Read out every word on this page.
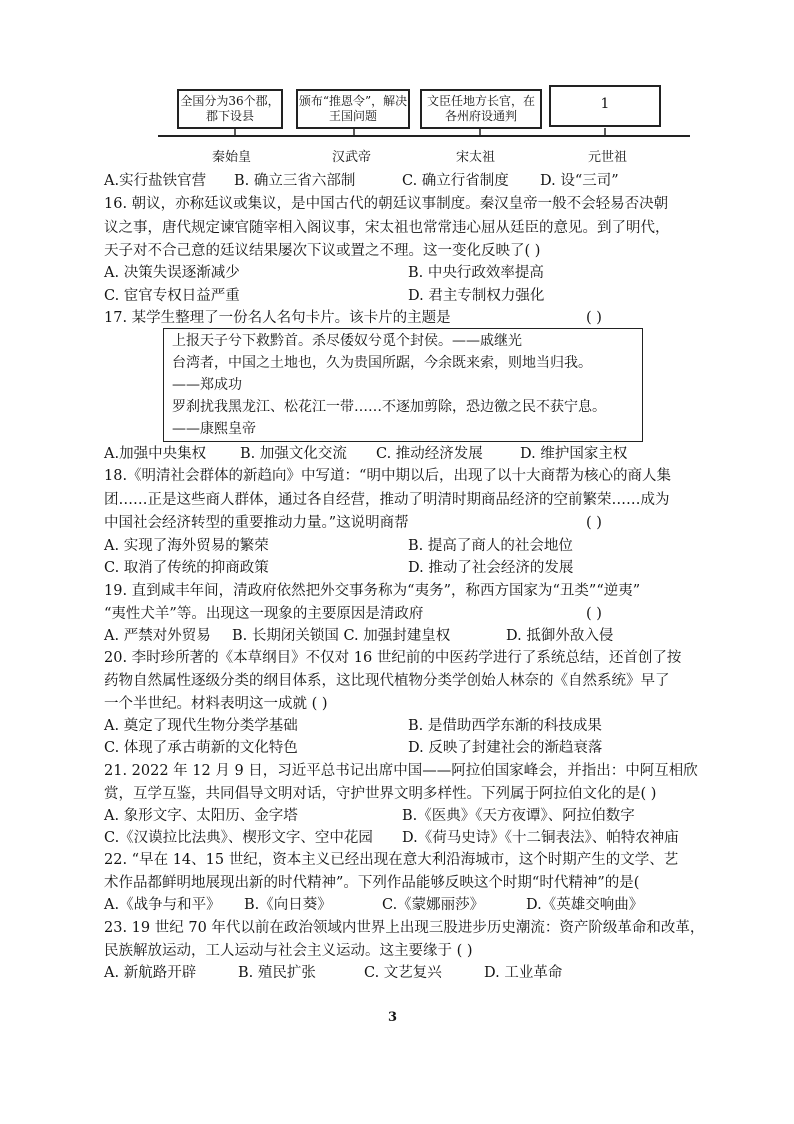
全国分为36个郡，郡下设县
颁布“推恩令”，解决王国问题
文臣任地方长官，在各州府设通判
1
秦始皇	汉武帝	宋太祖	元世祖
A.实行盐铁官营 B. 确立三省六部制	C. 确立行省制度 D. 设“三司”
16. 朝议，亦称廷议或集议，是中国古代的朝廷议事制度。秦汉皇帝一般不会轻易否决朝
议之事，唐代规定谏官随宰相入阁议事，宋太祖也常常违心屈从廷臣的意见。到了明代，
天子对不合己意的廷议结果屡次下议或置之不理。这一变化反映了( )
A. 决策失误逐渐减少	B. 中央行政效率提高
C. 宦官专权日益严重	D. 君主专制权力强化
17. 某学生整理了一份名人名句卡片。该卡片的主题是	( )
上报天子兮下救黔首。杀尽倭奴兮觅个封侯。——戚继光
台湾者，中国之土地也，久为贵国所踞，今余既来索，则地当归我。
——郑成功
罗刹扰我黑龙江、松花江一带……不逐加剪除，恐边徼之民不获宁息。
——康熙皇帝
A.加强中央集权 B. 加强文化交流 C. 推动经济发展	D. 维护国家主权
18.《明清社会群体的新趋向》中写道：“明中期以后，出现了以十大商帮为核心的商人集
团……正是这些商人群体，通过各自经营，推动了明清时期商品经济的空前繁荣……成为
中国社会经济转型的重要推动力量。”这说明商帮	( )
A. 实现了海外贸易的繁荣	B. 提高了商人的社会地位
C. 取消了传统的抑商政策	D. 推动了社会经济的发展
19. 直到咸丰年间，清政府依然把外交事务称为“夷务”，称西方国家为“丑类”“逆夷”
“夷性犬羊”等。出现这一现象的主要原因是清政府	( )
A. 严禁对外贸易 B. 长期闭关锁国 C. 加强封建皇权	D. 抵御外敌入侵
20. 李时珍所著的《本草纲目》不仅对 16 世纪前的中医药学进行了系统总结，还首创了按
药物自然属性逐级分类的纲目体系，这比现代植物分类学创始人林奈的《自然系统》早了
一个半世纪。材料表明这一成就 ( )
A. 奠定了现代生物分类学基础	B. 是借助西学东渐的科技成果
C. 体现了承古萌新的文化特色	D. 反映了封建社会的渐趋衰落
21. 2022 年 12 月 9 日，习近平总书记出席中国——阿拉伯国家峰会，并指出：中阿互相欣
赏，互学互鉴，共同倡导文明对话，守护世界文明多样性。下列属于阿拉伯文化的是( )
A. 象形文字、太阳历、金字塔	B.《医典》《天方夜谭》、阿拉伯数字
C.《汉谟拉比法典》、楔形文字、空中花园 D.《荷马史诗》《十二铜表法》、帕特农神庙
22. “早在 14、15 世纪，资本主义已经出现在意大利沿海城市，这个时期产生的文学、艺
术作品都鲜明地展现出新的时代精神”。下列作品能够反映这个时期“时代精神”的是(
A.《战争与和平》 B.《向日葵》	C.《蒙娜丽莎》	D.《英雄交响曲》
23. 19 世纪 70 年代以前在政治领域内世界上出现三股进步历史潮流：资产阶级革命和改革，
民族解放运动，工人运动与社会主义运动。这主要缘于 ( )
A. 新航路开辟	B. 殖民扩张	C. 文艺复兴	D. 工业革命
3
